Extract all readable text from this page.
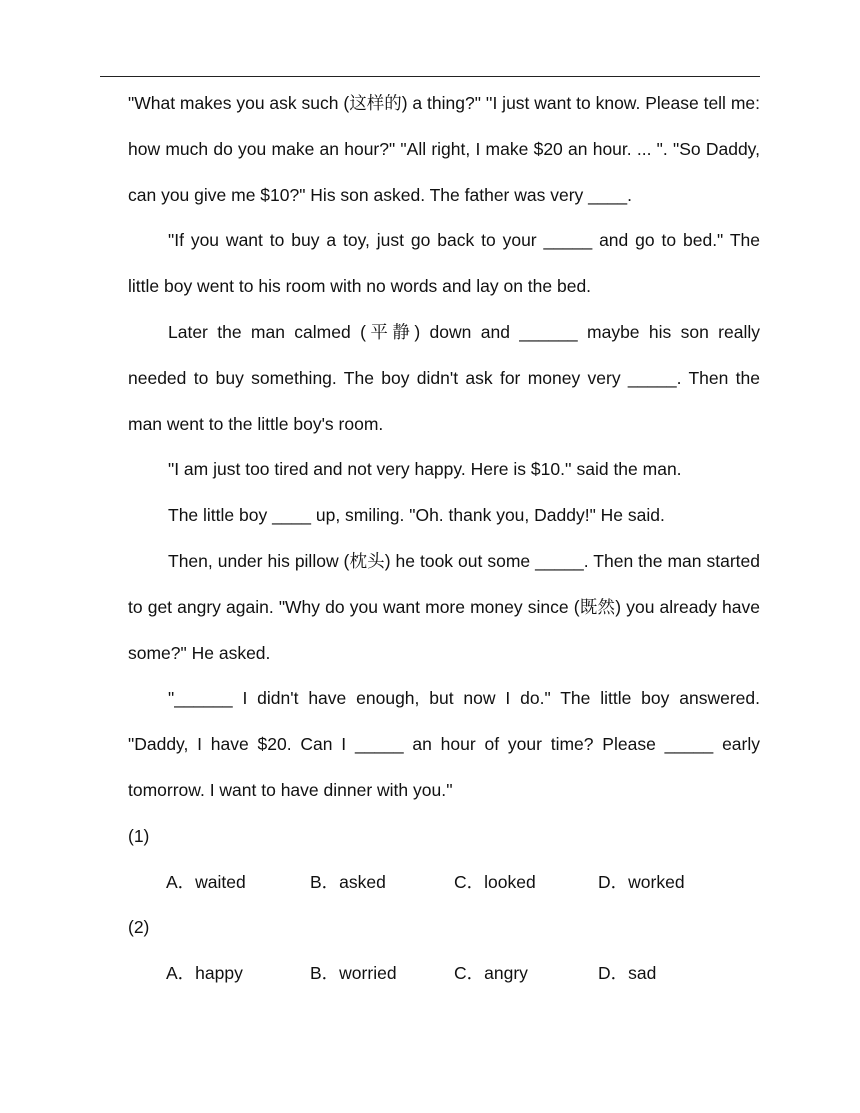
"What makes you ask such (这样的) a thing?" ''I just want to know. Please tell me: how much do you make an hour?" "All right, I make $20 an hour. ... ". "So Daddy, can you give me $10?" His son asked. The father was very ____.

"If you want to buy a toy, just go back to your _____ and go to bed." The little boy went to his room with no words and lay on the bed.

Later the man calmed (平静) down and ______ maybe his son really needed to buy something. The boy didn't ask for money very _____. Then the man went to the little boy's room.

"I am just too tired and not very happy. Here is $10.'' said the man.

The little boy ____ up, smiling. "Oh. thank you, Daddy!" He said.

Then, under his pillow (枕头) he took out some _____. Then the man started to get angry again. "Why do you want more money since (既然) you already have some?" He asked.

"______ I didn't have enough, but now I do." The little boy answered. "Daddy, I have $20. Can I _____ an hour of your time? Please _____ early tomorrow. I want to have dinner with you.''

(1)

A．waited	B．asked	C．looked	D．worked

(2)

A．happy	B．worried	C．angry	D．sad
